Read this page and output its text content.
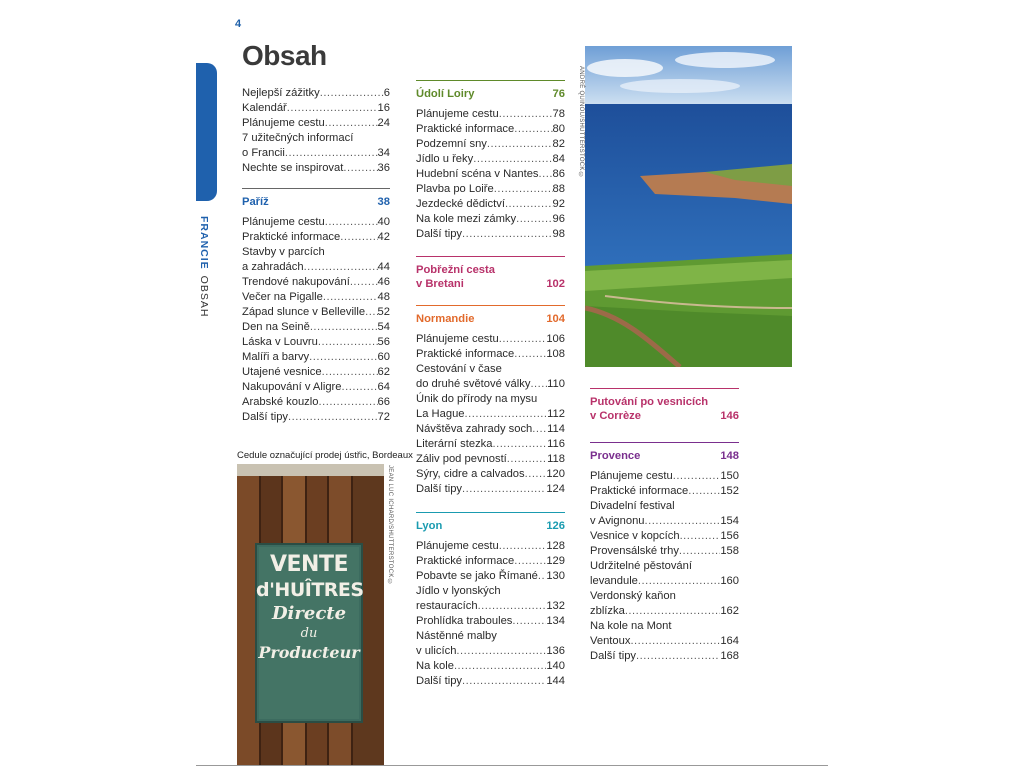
4
FRANCIEOBSAH
Obsah
Nejlepší zážitky .....	6
Kalendář .....	16
Plánujeme cestu .....	24
7 užitečných informací
o Francii .....	34
Nechte se inspirovat .....	36
Paříž	38
Plánujeme cestu .....	40
Praktické informace .....	42
Stavby v parcích
a zahradách .....	44
Trendové nakupování ..... 46
Večer na Pigalle .....	48
Západ slunce v Belleville ..... 52
Den na Seině .....	54
Láska v Louvru .....	56
Malíři a barvy .....	60
Utajené vesnice .....	62
Nakupování v Aligre .....	64
Arabské kouzlo .....	66
Další tipy .....	72
Cedule označující prodej ústřic, Bordeaux
VENTE
d'HUÎTRES
Directe
du
Producteur
JEAN LUC ICHARD/SHUTTERSTOCK ©
Údolí Loiry	76
Plánujeme cestu .....	78
Praktické informace .....	80
Podzemní sny .....	82
Jídlo u řeky .....	84
Hudební scéna v Nantes ..... 86
Plavba po Loiře .....	88
Jezdecké dědictví .....	92
Na kole mezi zámky .....	96
Další tipy .....	98
Pobřežní cesta
v Bretani	102
Normandie	104
Plánujeme cestu .....	106
Praktické informace .....	108
Cestování v čase
do druhé světové války ..... 110
Únik do přírody na mysu
La Hague .....	112
Návštěva zahrady soch ..... 114
Literární stezka .....	116
Záliv pod pevností .....	118
Sýry, cidre a calvados ..... 120
Další tipy .....	124
Lyon	126
Plánujeme cestu .....	128
Praktické informace .....	129
Pobavte se jako Římané ..... 130
Jídlo v lyonských
restauracích .....	132
Prohlídka traboules .....	134
Nástěnné malby
v ulicích .....	136
Na kole .....	140
Další tipy .....	144
ANDRÉ QUINOU/SHUTTERSTOCK ©
Putování po vesnicích
v Corrèze	146
Provence	148
Plánujeme cestu .....	150
Praktické informace .....	152
Divadelní festival
v Avignonu .....	154
Vesnice v kopcích .....	156
Provensálské trhy .....	158
Udržitelné pěstování
levandule .....	160
Verdonský kaňon
zblízka .....	162
Na kole na Mont
Ventoux .....	164
Další tipy .....	168
